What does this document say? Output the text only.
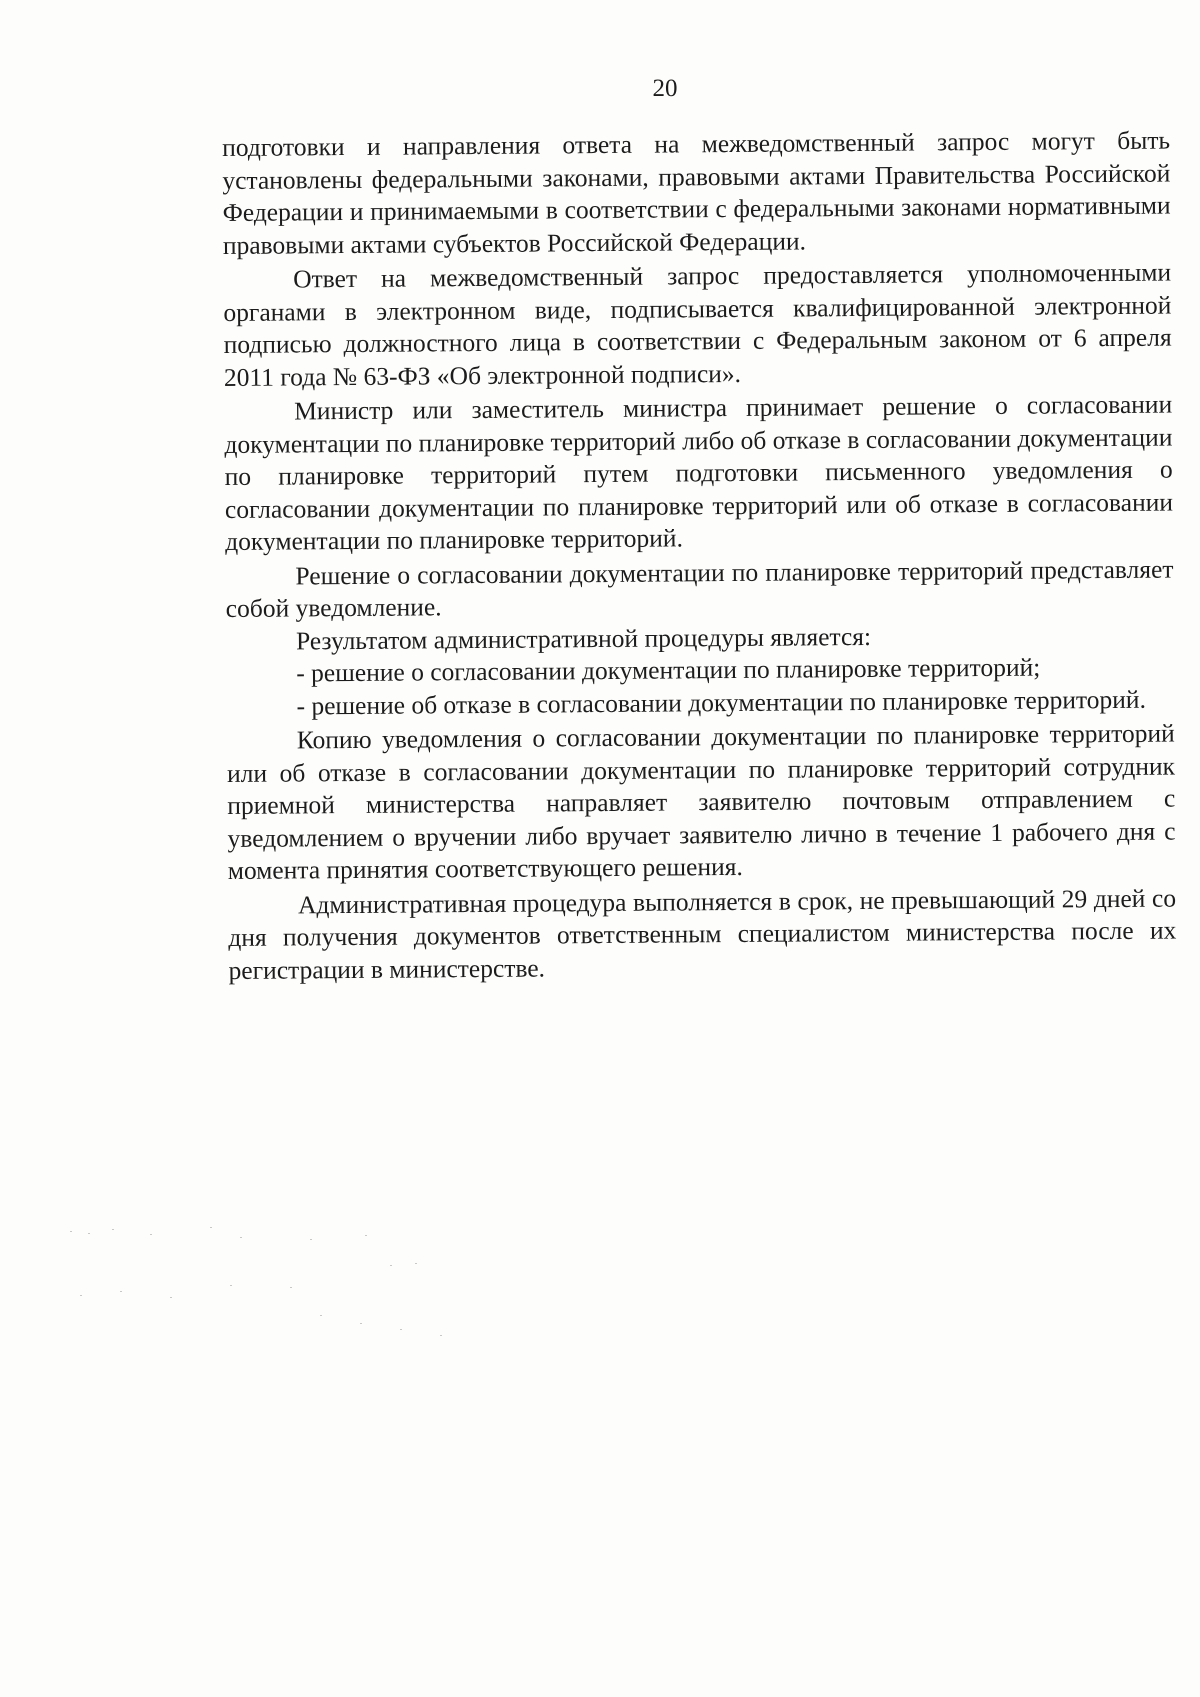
20

подготовки и направления ответа на межведомственный запрос могут быть установлены федеральными законами, правовыми актами Правительства Российской Федерации и принимаемыми в соответствии с федеральными законами нормативными правовыми актами субъектов Российской Федерации.

Ответ на межведомственный запрос предоставляется уполномоченными органами в электронном виде, подписывается квалифицированной электронной подписью должностного лица в соответствии с Федеральным законом от 6 апреля 2011 года № 63-ФЗ «Об электронной подписи».

Министр или заместитель министра принимает решение о согласовании документации по планировке территорий либо об отказе в согласовании документации по планировке территорий путем подготовки письменного уведомления о согласовании документации по планировке территорий или об отказе в согласовании документации по планировке территорий.

Решение о согласовании документации по планировке территорий представляет собой уведомление.

Результатом административной процедуры является:

- решение о согласовании документации по планировке территорий;

- решение об отказе в согласовании документации по планировке территорий.

Копию уведомления о согласовании документации по планировке территорий или об отказе в согласовании документации по планировке территорий сотрудник приемной министерства направляет заявителю почтовым отправлением с уведомлением о вручении либо вручает заявителю лично в течение 1 рабочего дня с момента принятия соответствующего решения.

Административная процедура выполняется в срок, не превышающий 29 дней со дня получения документов ответственным специалистом министерства после их регистрации в министерстве.
